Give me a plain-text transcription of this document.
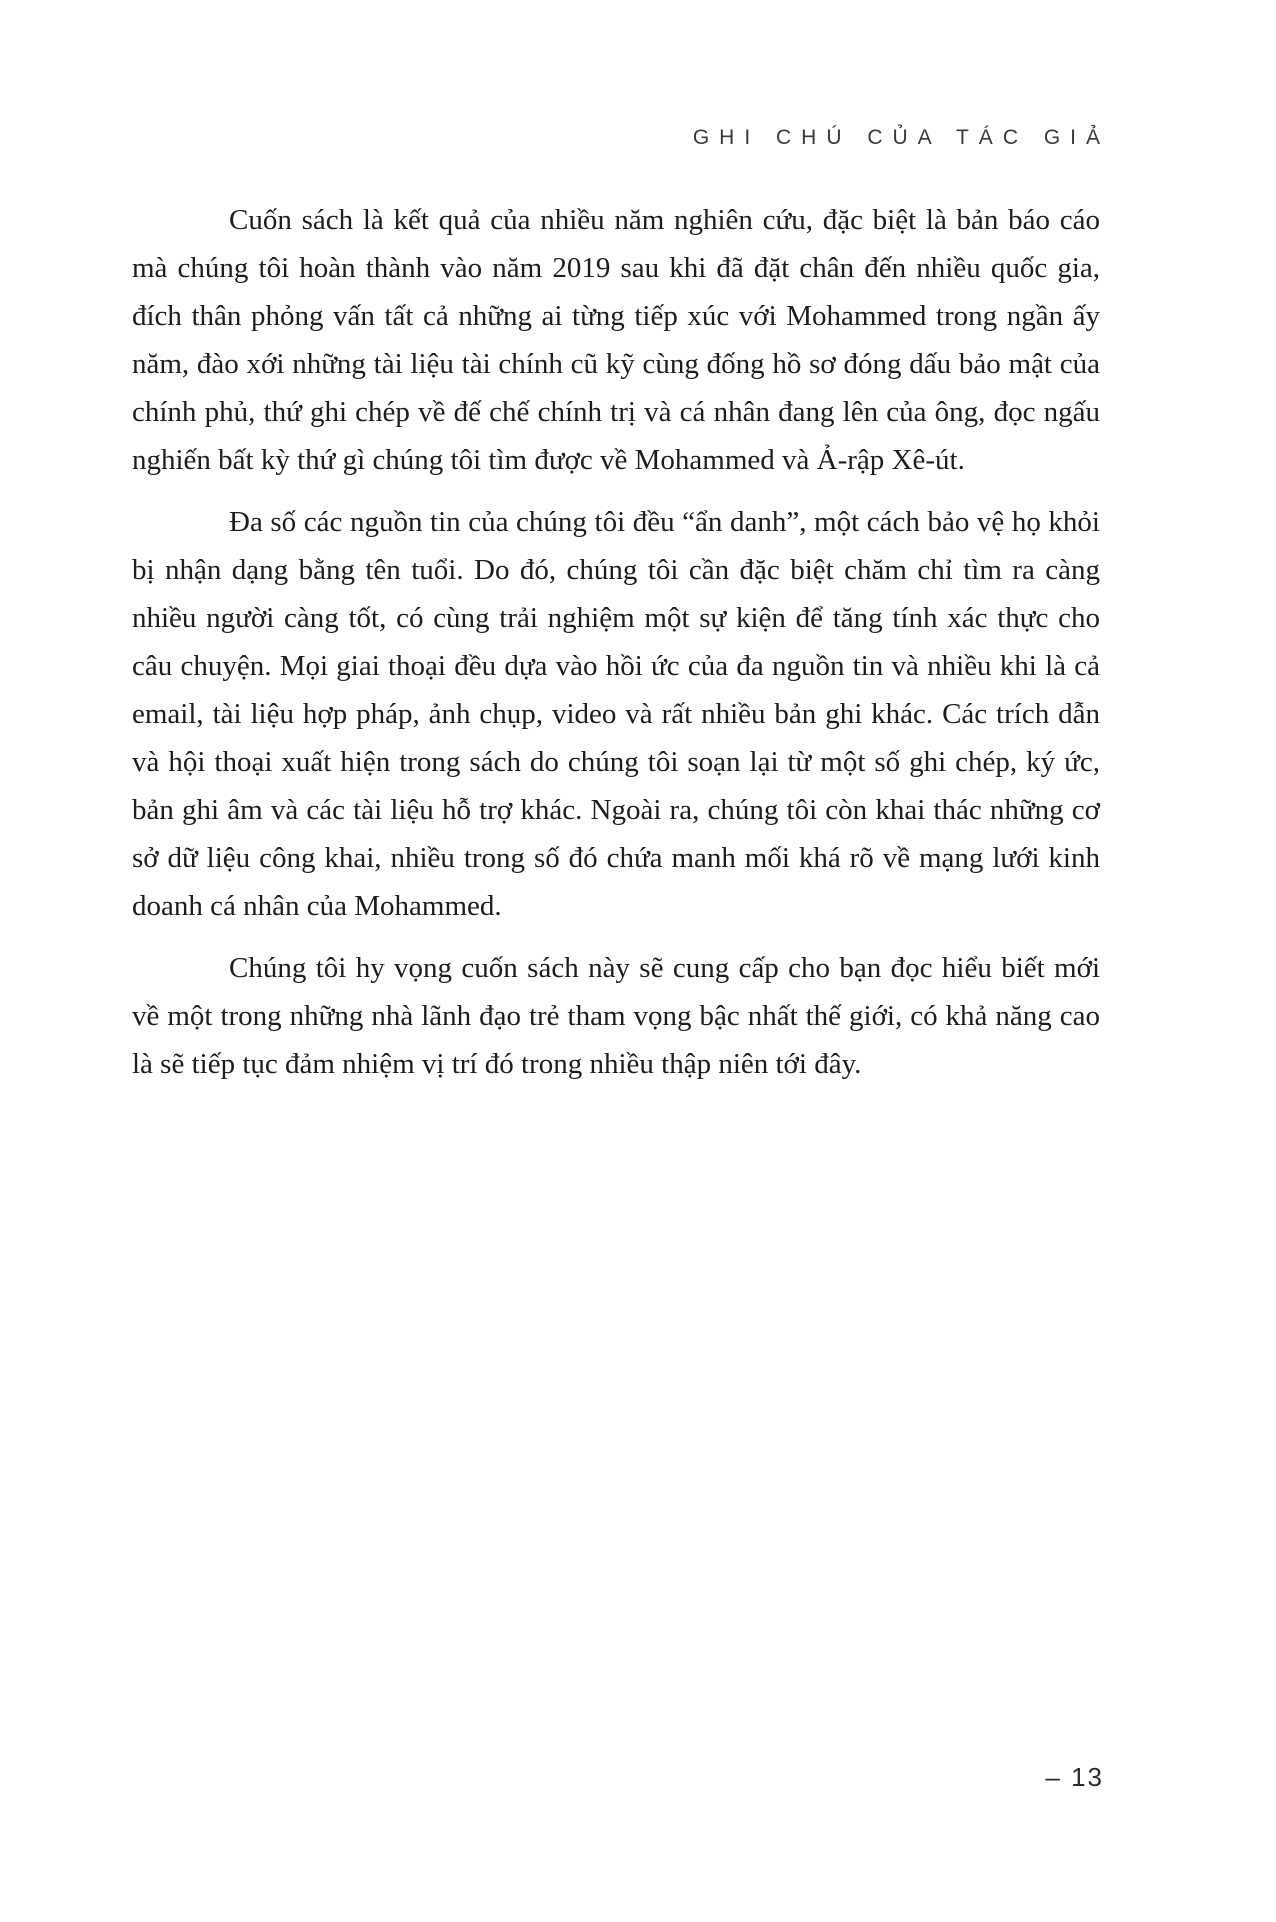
GHI CHÚ CỦA TÁC GIẢ

Cuốn sách là kết quả của nhiều năm nghiên cứu, đặc biệt là bản báo cáo mà chúng tôi hoàn thành vào năm 2019 sau khi đã đặt chân đến nhiều quốc gia, đích thân phỏng vấn tất cả những ai từng tiếp xúc với Mohammed trong ngần ấy năm, đào xới những tài liệu tài chính cũ kỹ cùng đống hồ sơ đóng dấu bảo mật của chính phủ, thứ ghi chép về đế chế chính trị và cá nhân đang lên của ông, đọc ngấu nghiến bất kỳ thứ gì chúng tôi tìm được về Mohammed và Ả-rập Xê-út.

Đa số các nguồn tin của chúng tôi đều “ẩn danh”, một cách bảo vệ họ khỏi bị nhận dạng bằng tên tuổi. Do đó, chúng tôi cần đặc biệt chăm chỉ tìm ra càng nhiều người càng tốt, có cùng trải nghiệm một sự kiện để tăng tính xác thực cho câu chuyện. Mọi giai thoại đều dựa vào hồi ức của đa nguồn tin và nhiều khi là cả email, tài liệu hợp pháp, ảnh chụp, video và rất nhiều bản ghi khác. Các trích dẫn và hội thoại xuất hiện trong sách do chúng tôi soạn lại từ một số ghi chép, ký ức, bản ghi âm và các tài liệu hỗ trợ khác. Ngoài ra, chúng tôi còn khai thác những cơ sở dữ liệu công khai, nhiều trong số đó chứa manh mối khá rõ về mạng lưới kinh doanh cá nhân của Mohammed.

Chúng tôi hy vọng cuốn sách này sẽ cung cấp cho bạn đọc hiểu biết mới về một trong những nhà lãnh đạo trẻ tham vọng bậc nhất thế giới, có khả năng cao là sẽ tiếp tục đảm nhiệm vị trí đó trong nhiều thập niên tới đây.

– 13
